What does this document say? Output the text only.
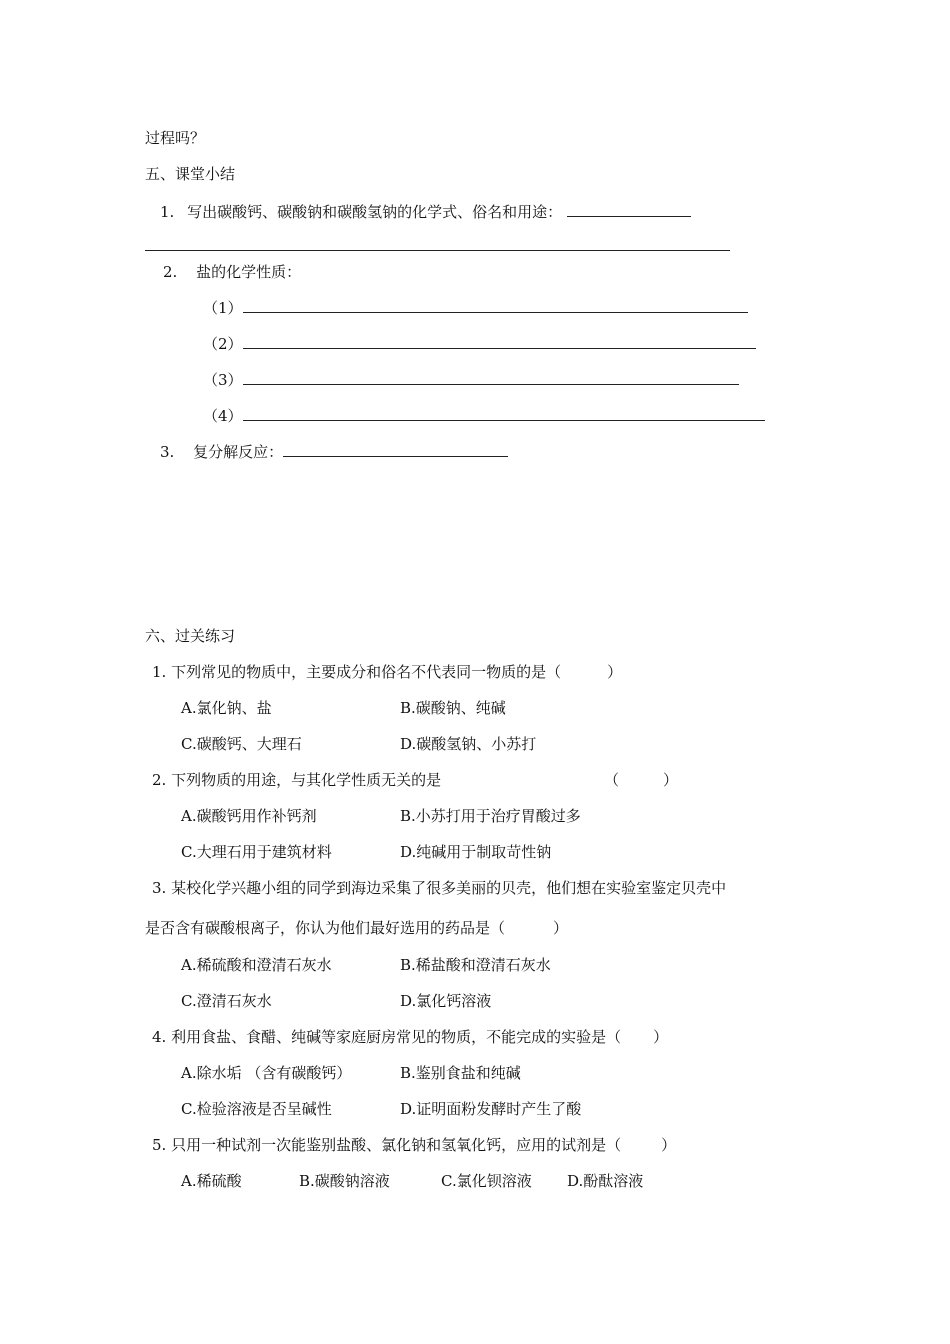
过程吗？
五、课堂小结
1. 写出碳酸钙、碳酸钠和碳酸氢钠的化学式、俗名和用途：
2. 盐的化学性质：
（1）
（2）
（3）
（4）
3. 复分解反应：
六、过关练习
1. 下列常见的物质中，主要成分和俗名不代表同一物质的是（	）
A.氯化钠、盐	B.碳酸钠、纯碱
C.碳酸钙、大理石	D.碳酸氢钠、小苏打
2. 下列物质的用途，与其化学性质无关的是	（	）
A.碳酸钙用作补钙剂	B.小苏打用于治疗胃酸过多
C.大理石用于建筑材料	D.纯碱用于制取苛性钠
3. 某校化学兴趣小组的同学到海边采集了很多美丽的贝壳，他们想在实验室鉴定贝壳中
是否含有碳酸根离子，你认为他们最好选用的药品是（	）
A.稀硫酸和澄清石灰水	B.稀盐酸和澄清石灰水
C.澄清石灰水	D.氯化钙溶液
4. 利用食盐、食醋、纯碱等家庭厨房常见的物质，不能完成的实验是（ ）
A.除水垢 （含有碳酸钙）	B.鉴别食盐和纯碱
C.检验溶液是否呈碱性	D.证明面粉发酵时产生了酸
5. 只用一种试剂一次能鉴别盐酸、氯化钠和氢氧化钙，应用的试剂是（	）
A.稀硫酸	B.碳酸钠溶液	C.氯化钡溶液 D.酚酞溶液
